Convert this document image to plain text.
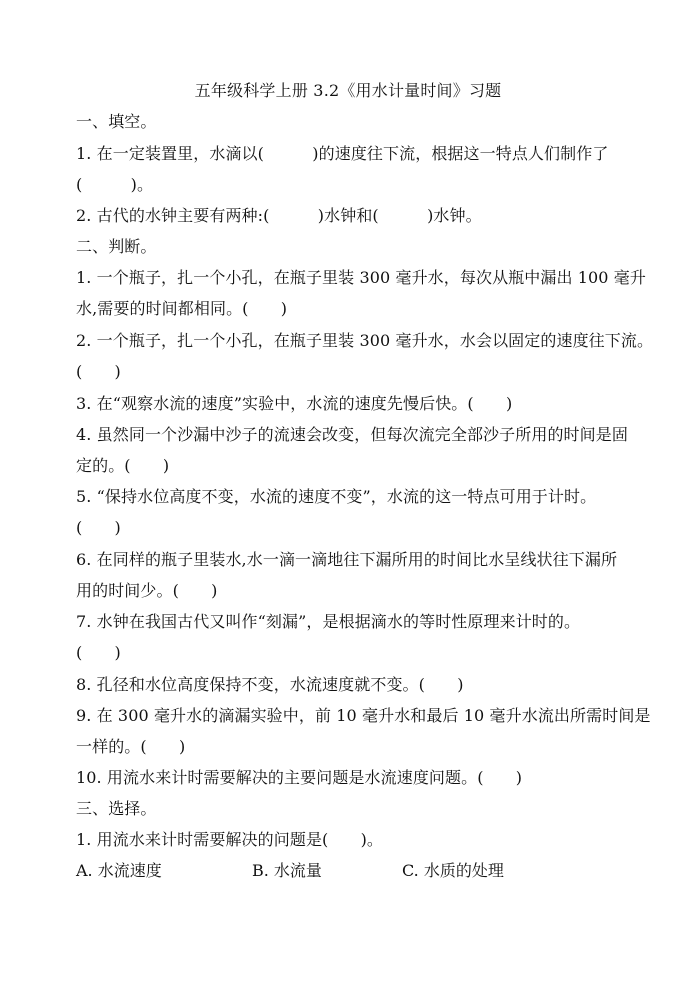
五年级科学上册 3.2《用水计量时间》习题
一、填空。
1. 在一定装置里，水滴以(　　　)的速度往下流，根据这一特点人们制作了
(　　　)。
2. 古代的水钟主要有两种:(　　　)水钟和(　　　)水钟。
二、判断。
1. 一个瓶子，扎一个小孔，在瓶子里装 300 毫升水，每次从瓶中漏出 100 毫升
水,需要的时间都相同。(　　)
2. 一个瓶子，扎一个小孔，在瓶子里装 300 毫升水，水会以固定的速度往下流。
(　　)
3. 在“观察水流的速度”实验中，水流的速度先慢后快。(　　)
4. 虽然同一个沙漏中沙子的流速会改变，但每次流完全部沙子所用的时间是固
定的。(　　)
5. “保持水位高度不变，水流的速度不变”，水流的这一特点可用于计时。
(　　)
6. 在同样的瓶子里装水,水一滴一滴地往下漏所用的时间比水呈线状往下漏所
用的时间少。(　　)
7. 水钟在我国古代又叫作“刻漏”，是根据滴水的等时性原理来计时的。
(　　)
8. 孔径和水位高度保持不变，水流速度就不变。(　　)
9. 在 300 毫升水的滴漏实验中，前 10 毫升水和最后 10 毫升水流出所需时间是
一样的。(　　)
10. 用流水来计时需要解决的主要问题是水流速度问题。(　　)
三、选择。
1. 用流水来计时需要解决的问题是(　　)。
A. 水流速度	B. 水流量	C. 水质的处理
